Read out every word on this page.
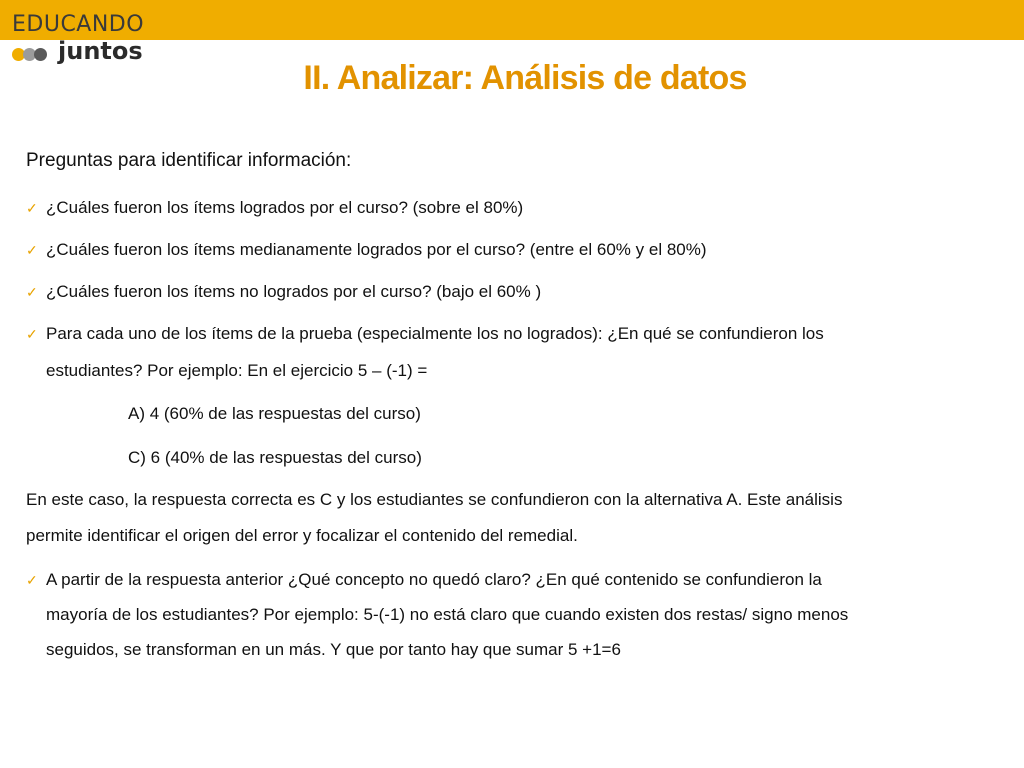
EDUCANDO
juntos
II. Analizar: Análisis de datos
Preguntas para identificar información:
✓ ¿Cuáles fueron los ítems logrados por el curso? (sobre el 80%)
✓ ¿Cuáles fueron los ítems medianamente logrados por el curso? (entre el 60% y el 80%)
✓ ¿Cuáles fueron los ítems no logrados por el curso? (bajo el 60% )
✓ Para cada uno de los ítems de la prueba (especialmente los no logrados): ¿En qué se confundieron los
estudiantes? Por ejemplo: En el ejercicio 5 – (-1) =
A) 4 (60% de las respuestas del curso)
C) 6 (40% de las respuestas del curso)
En este caso, la respuesta correcta es C y los estudiantes se confundieron con la alternativa A. Este análisis
permite identificar el origen del error y focalizar el contenido del remedial.
✓ A partir de la respuesta anterior ¿Qué concepto no quedó claro? ¿En qué contenido se confundieron la
mayoría de los estudiantes? Por ejemplo: 5-(-1) no está claro que cuando existen dos restas/ signo menos
seguidos, se transforman en un más. Y que por tanto hay que sumar 5 +1=6
